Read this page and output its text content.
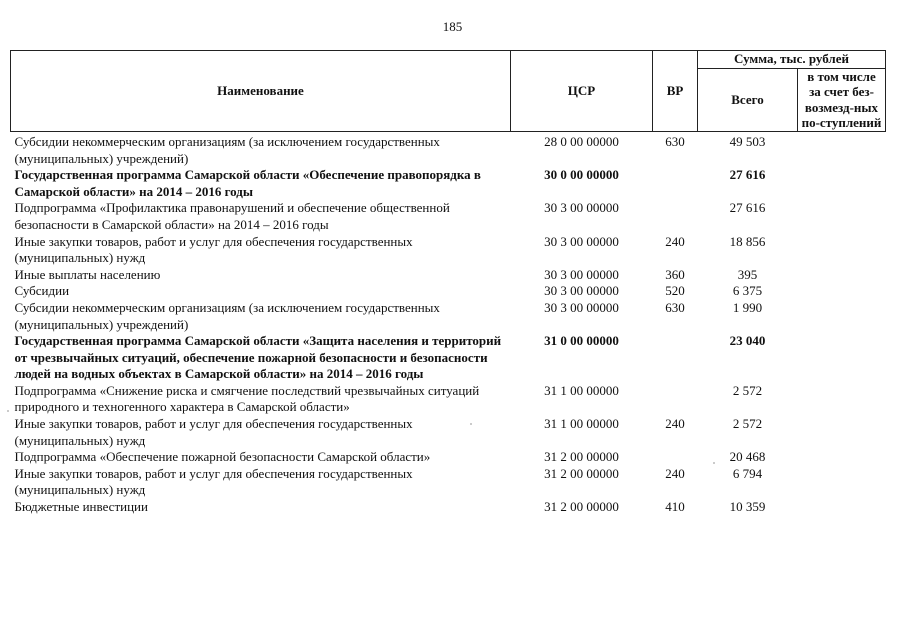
185
Наименование	ЦСР	ВР	Сумма, тыс. рублей	
			Всего	в том числе за счет без-возмезд-ных по-ступлений
Субсидии некоммерческим организациям (за исключением государственных (муниципальных) учреждений)	28 0 00 00000	630	49 503	
Государственная программа Самарской области «Обеспечение правопорядка в Самарской области» на 2014 – 2016 годы	30 0 00 00000		27 616	
Подпрограмма «Профилактика правонарушений и обеспечение общественной безопасности в Самарской области» на 2014 – 2016 годы	30 3 00 00000		27 616	
Иные закупки товаров, работ и услуг для обеспечения государственных (муниципальных) нужд	30 3 00 00000	240	18 856	
Иные выплаты населению	30 3 00 00000	360	395	
Субсидии	30 3 00 00000	520	6 375	
Субсидии некоммерческим организациям (за исключением государственных (муниципальных) учреждений)	30 3 00 00000	630	1 990	
Государственная программа Самарской области «Защита населения и территорий от чрезвычайных ситуаций, обеспечение пожарной безопасности и безопасности людей на водных объектах в Самарской области» на 2014 – 2016 годы	31 0 00 00000		23 040	
Подпрограмма «Снижение риска и смягчение последствий чрезвычайных ситуаций природного и техногенного характера в Самарской области»	31 1 00 00000		2 572	
Иные закупки товаров, работ и услуг для обеспечения государственных (муниципальных) нужд	31 1 00 00000	240	2 572	
Подпрограмма «Обеспечение пожарной безопасности Самарской области»	31 2 00 00000		20 468	
Иные закупки товаров, работ и услуг для обеспечения государственных (муниципальных) нужд	31 2 00 00000	240	6 794	
Бюджетные инвестиции	31 2 00 00000	410	10 359	
